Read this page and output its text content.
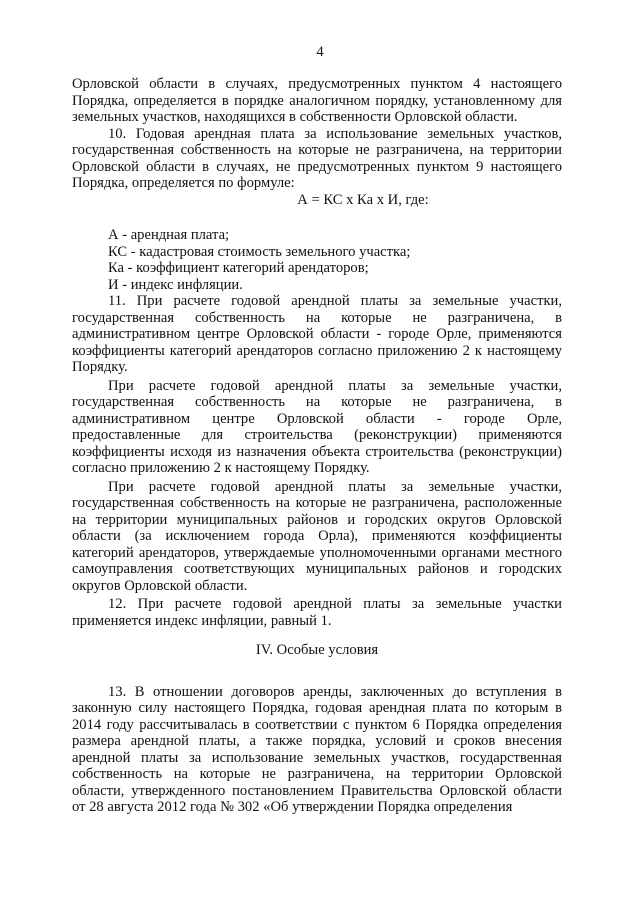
4

Орловской области в случаях, предусмотренных пунктом 4 настоящего Порядка, определяется в порядке аналогичном порядку, установленному для земельных участков, находящихся в собственности Орловской области.

10. Годовая арендная плата за использование земельных участков, государственная собственность на которые не разграничена, на территории Орловской области в случаях, не предусмотренных пунктом 9 настоящего Порядка, определяется по формуле:

А = КС х Ка х И, где:

А - арендная плата;

КС - кадастровая стоимость земельного участка;

Ка - коэффициент категорий арендаторов;

И - индекс инфляции.

11. При расчете годовой арендной платы за земельные участки, государственная собственность на которые не разграничена, в административном центре Орловской области - городе Орле, применяются коэффициенты категорий арендаторов согласно приложению 2 к настоящему Порядку.

При расчете годовой арендной платы за земельные участки, государственная собственность на которые не разграничена, в административном центре Орловской области - городе Орле, предоставленные для строительства (реконструкции) применяются коэффициенты исходя из назначения объекта строительства (реконструкции) согласно приложению 2 к настоящему Порядку.

При расчете годовой арендной платы за земельные участки, государственная собственность на которые не разграничена, расположенные на территории муниципальных районов и городских округов Орловской области (за исключением города Орла), применяются коэффициенты категорий арендаторов, утверждаемые уполномоченными органами местного самоуправления соответствующих муниципальных районов и городских округов Орловской области.

12. При расчете годовой арендной платы за земельные участки применяется индекс инфляции, равный 1.

IV. Особые условия

13. В отношении договоров аренды, заключенных до вступления в законную силу настоящего Порядка, годовая арендная плата по которым в 2014 году рассчитывалась в соответствии с пунктом 6 Порядка определения размера арендной платы, а также порядка, условий и сроков внесения арендной платы за использование земельных участков, государственная собственность на которые не разграничена, на территории Орловской области, утвержденного постановлением Правительства Орловской области от 28 августа 2012 года № 302 «Об утверждении Порядка определения
